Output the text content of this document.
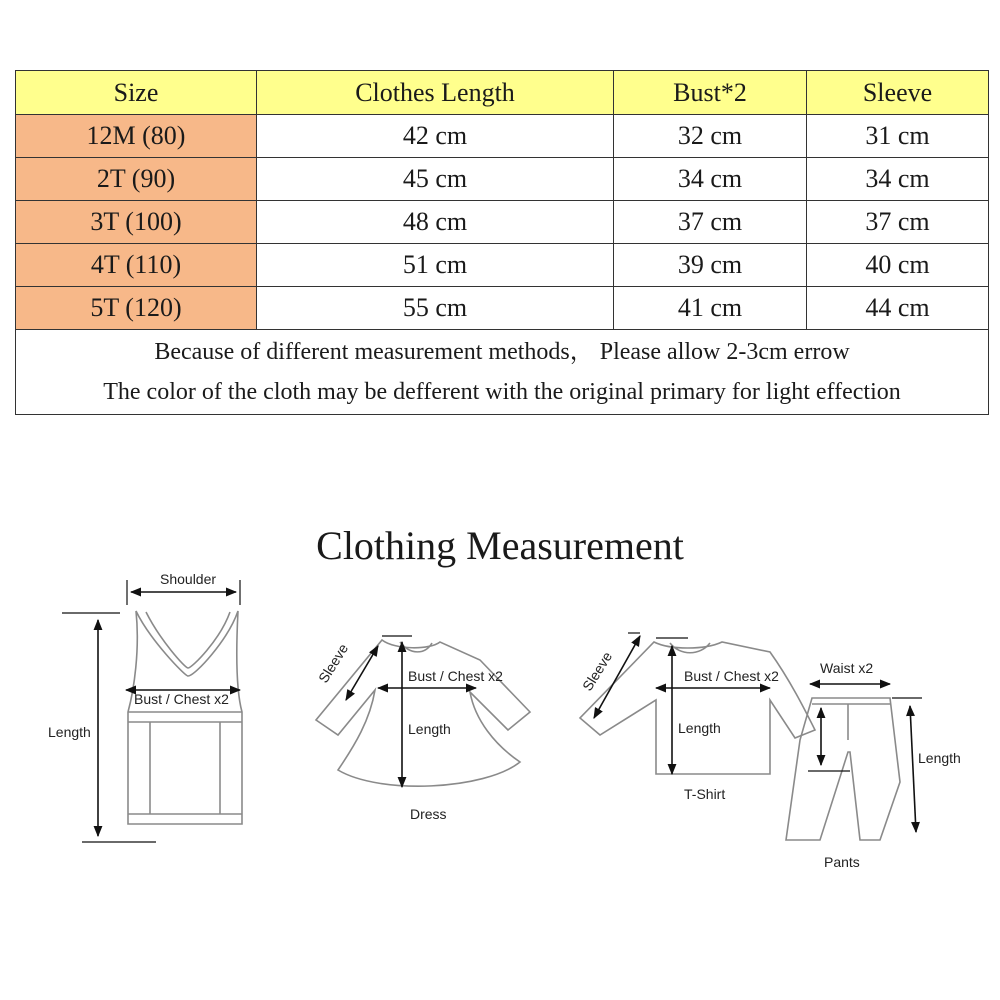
Size	Clothes Length	Bust*2	Sleeve
12M (80)	42 cm	32 cm	31 cm
2T (90)	45 cm	34 cm	34 cm
3T (100)	48 cm	37 cm	37 cm
4T (110)	51 cm	39 cm	40 cm
5T (120)	55 cm	41 cm	44 cm

Because of different measurement methods， Please allow 2-3cm errow
The color of the cloth may be defferent with the original primary for light effection			
Clothing Measurement
Shoulder
Bust / Chest x2
Length
Sleeve	Bust / Chest x2
Length
Dress
Sleeve	Bust / Chest x2
Length
T-Shirt
Waist x2
Length
Pants
